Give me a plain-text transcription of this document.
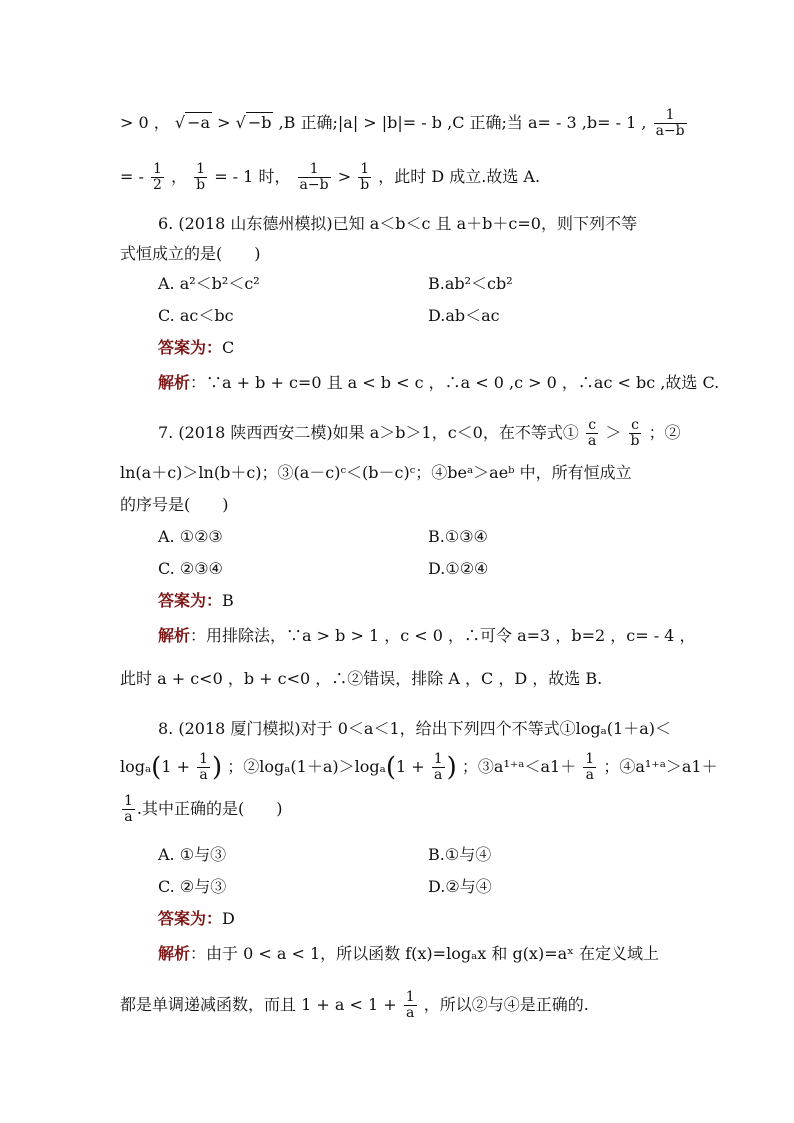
> 0 ， √ −a > √ −b ,B 正确;|a| > |b|= - b ,C 正确;当 a= - 3 ,b= - 1 , $\frac{1}{a-b}$
= - $\frac{1}{2}$ ， $\frac{1}{b}$ = - 1 时， $\frac{1}{a-b} > \frac{1}{b}$ ，此时 D 成立.故选 A.
6. (2018 山东德州模拟)已知 a＜b＜c 且 a＋b＋c=0，则下列不等
式恒成立的是(　　)
A. a²＜b²＜c²	B.ab²＜cb²
C. ac＜bc	D.ab＜ac
答案为：C
解析：∵a + b + c=0 且 a < b < c ，∴a < 0 ,c > 0 ，∴ac < bc ,故选 C.
7. (2018 陕西西安二模)如果 a＞b＞1，c＜0，在不等式① $\frac{c}{a} > \frac{c}{b}$ ；②
ln(a＋c)＞ln(b＋c)；③(a－c)ᶜ＜(b－c)ᶜ；④beᵃ＞aeᵇ 中，所有恒成立
的序号是(　　)
A. ①②③	B.①③④
C. ②③④	D.①②④
答案为：B
解析：用排除法，∵a > b > 1 ，c < 0 ，∴可令 a=3 ，b=2 ，c= - 4 ，
此时 a + c<0 ，b + c<0 ，∴②错误，排除 A ，C ，D ，故选 B.
8. (2018 厦门模拟)对于 0＜a＜1，给出下列四个不等式①logₐ(1＋a)＜
$\log_a(1 + \frac{1}{a}$ ) ；②logₐ(1＋a)＞logₐ(1 + $\frac{1}{a}$ ) ；③a¹⁺ᵃ＜a1＋ $\frac{1}{a}$ ；④a¹⁺ᵃ＞a1＋
$\frac{1}{a}$ .其中正确的是(　　)
A. ①与③	B.①与④
C. ②与③	D.②与④
答案为：D
解析：由于 0 < a < 1，所以函数 f(x)=logₐx 和 g(x)=aˣ 在定义域上
都是单调递减函数，而且 $1 + a < 1 + \frac{1}{a}$ ，所以②与④是正确的.
